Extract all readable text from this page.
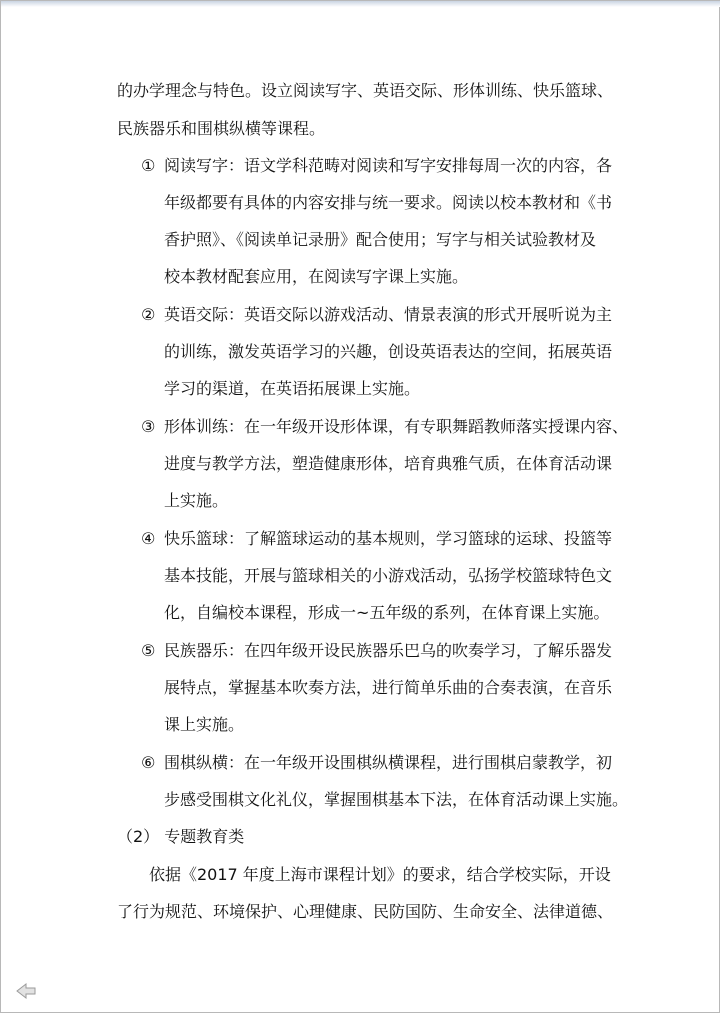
的办学理念与特色。设立阅读写字、英语交际、形体训练、快乐篮球、
民族器乐和围棋纵横等课程。
① 阅读写字：语文学科范畴对阅读和写字安排每周一次的内容，各
年级都要有具体的内容安排与统一要求。阅读以校本教材和《书
香护照》、《阅读单记录册》配合使用；写字与相关试验教材及
校本教材配套应用，在阅读写字课上实施。
② 英语交际：英语交际以游戏活动、情景表演的形式开展听说为主
的训练，激发英语学习的兴趣，创设英语表达的空间，拓展英语
学习的渠道，在英语拓展课上实施。
③ 形体训练：在一年级开设形体课，有专职舞蹈教师落实授课内容、
进度与教学方法，塑造健康形体，培育典雅气质，在体育活动课
上实施。
④ 快乐篮球：了解篮球运动的基本规则，学习篮球的运球、投篮等
基本技能，开展与篮球相关的小游戏活动，弘扬学校篮球特色文
化，自编校本课程，形成一~五年级的系列，在体育课上实施。
⑤ 民族器乐：在四年级开设民族器乐巴乌的吹奏学习，了解乐器发
展特点，掌握基本吹奏方法，进行简单乐曲的合奏表演，在音乐
课上实施。
⑥ 围棋纵横：在一年级开设围棋纵横课程，进行围棋启蒙教学，初
步感受围棋文化礼仪，掌握围棋基本下法，在体育活动课上实施。
（2） 专题教育类
依据《2017 年度上海市课程计划》的要求，结合学校实际，开设
了行为规范、环境保护、心理健康、民防国防、生命安全、法律道德、
